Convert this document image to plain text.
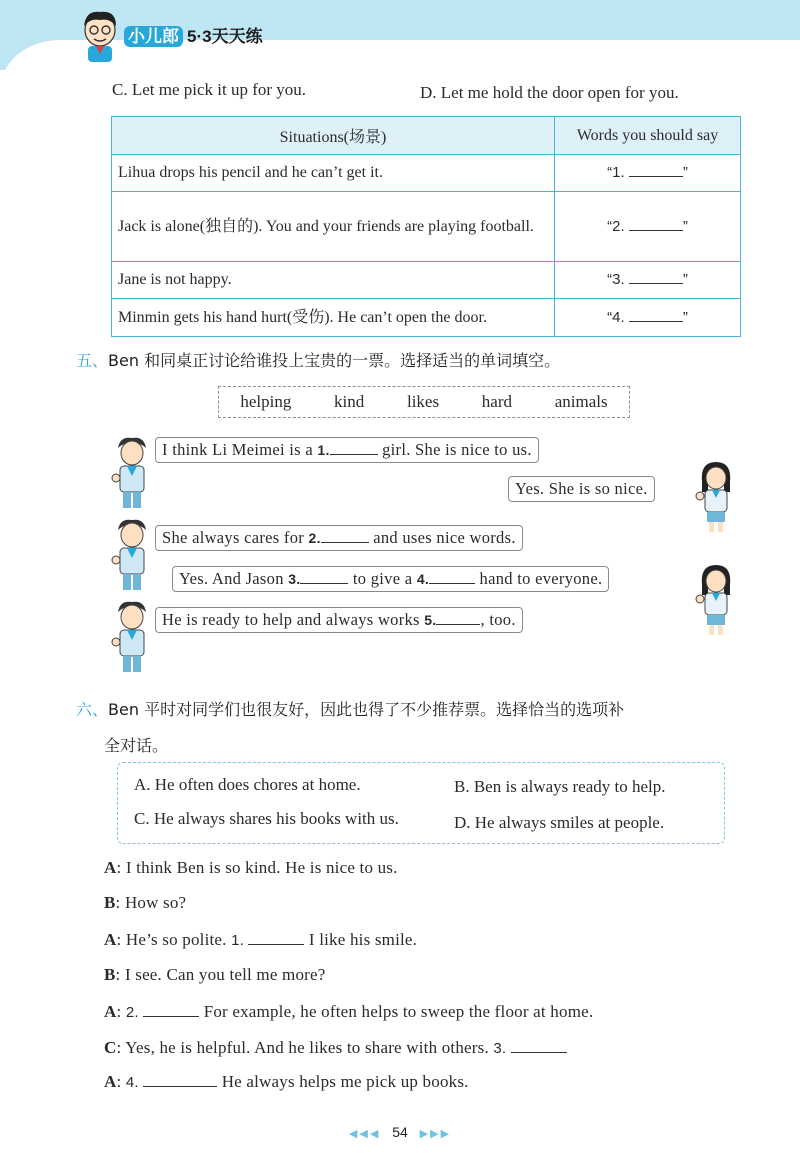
小儿郎 5·3天天练
C. Let me pick it up for you.	D. Let me hold the door open for you.
Situations(场景)	Words you should say
Lihua drops his pencil and he can’t get it.	“1. ”
Jack is alone(独自的). You and your friends are playing football.	“2. ”
Jane is not happy.	“3. ”
Minmin gets his hand hurt(受伤). He can’t open the door.	“4. ”
五、Ben 和同桌正讨论给谁投上宝贵的一票。选择适当的单词填空。
helping	kind	likes	hard	animals
I think Li Meimei is a 1.	girl. She is nice to us.
Yes. She is so nice.
She always cares for 2.	and uses nice words.
Yes. And Jason 3.	to give a 4.	hand to everyone.
He is ready to help and always works 5.	, too.
六、Ben 平时对同学们也很友好，因此也得了不少推荐票。选择恰当的选项补
全对话。
A. He often does chores at home.	B. Ben is always ready to help.
C. He always shares his books with us.	D. He always smiles at people.
A: I think Ben is so kind. He is nice to us.
B: How so?
A: He’s so polite. 1.	I like his smile.
B: I see. Can you tell me more?
A: 2.	For example, he often helps to sweep the floor at home.
C: Yes, he is helpful. And he likes to share with others. 3.
A: 4.	He always helps me pick up books.
◀◀◀ 54 ▶▶▶
